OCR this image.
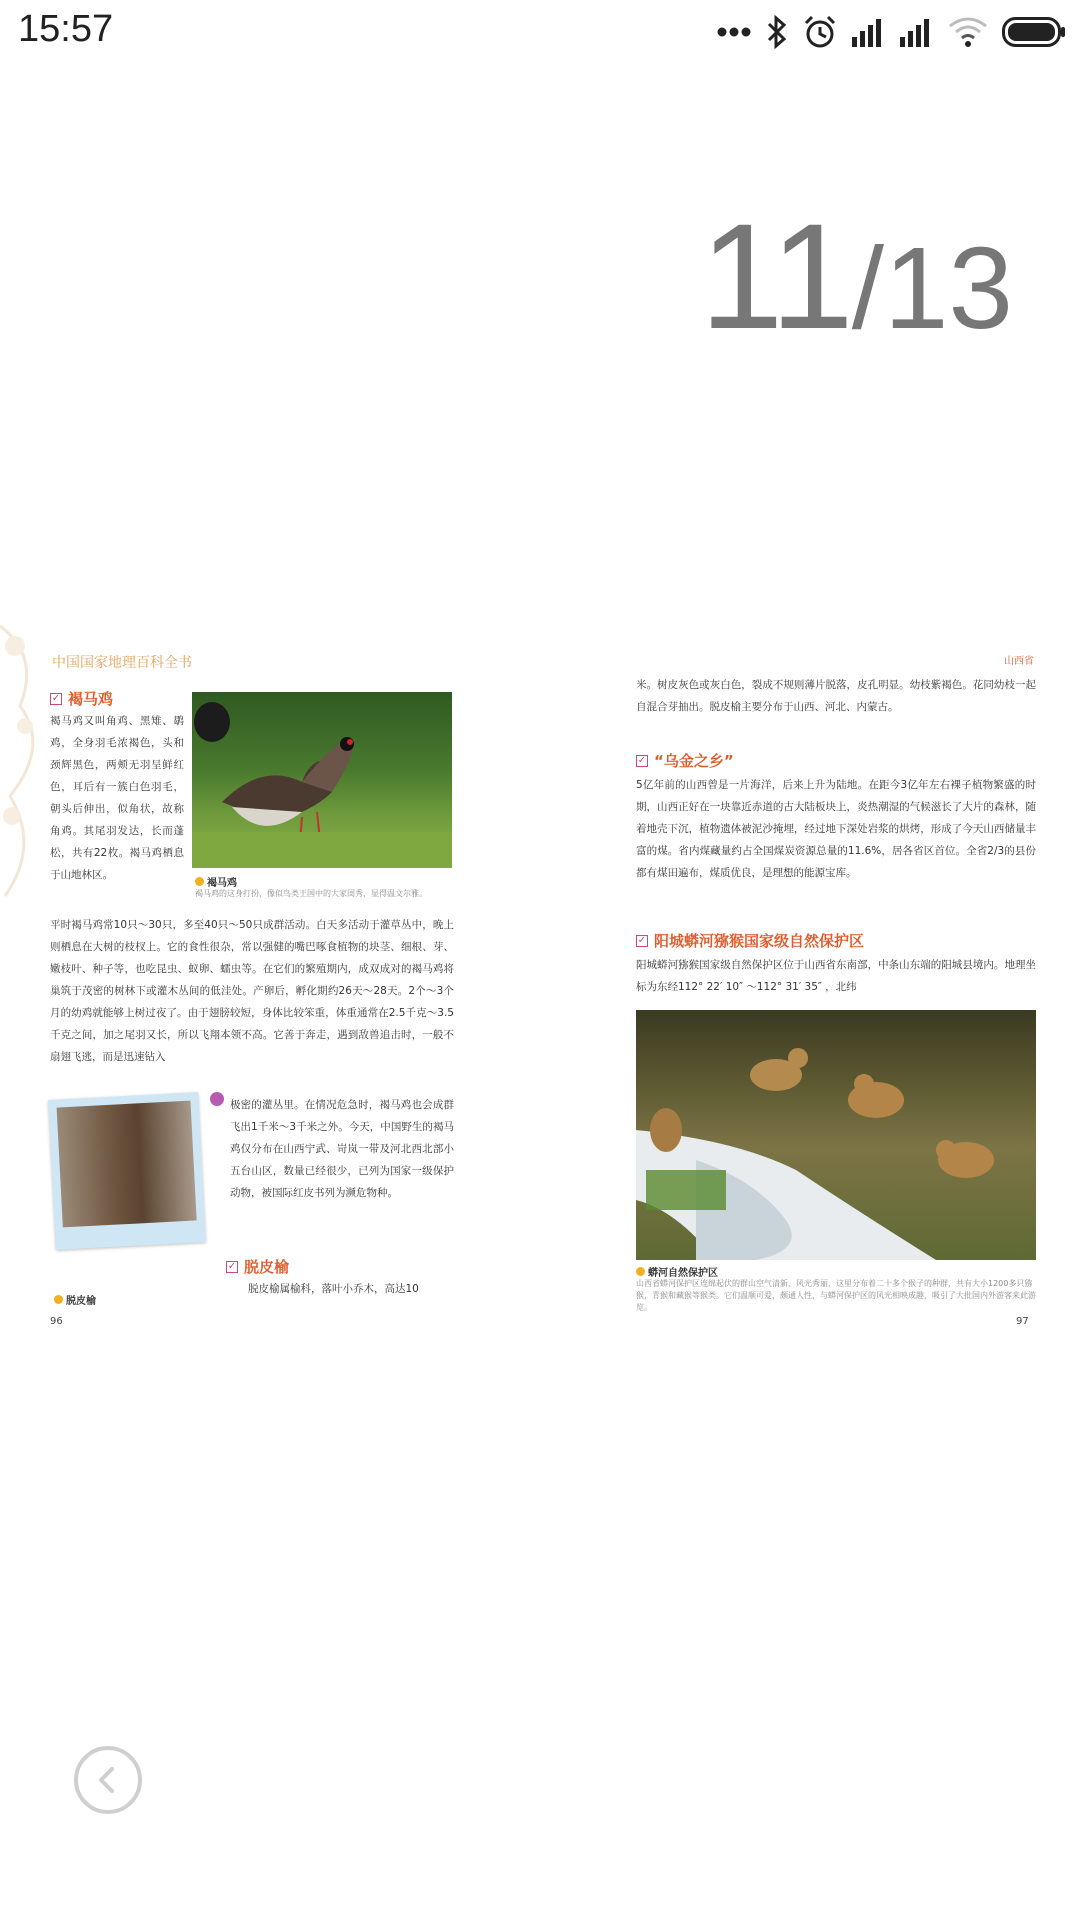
15:57
11/13
中国国家地理百科全书
✓ 褐马鸡
褐马鸡又叫角鸡、黑雉、鹖鸡，全身羽毛浓褐色，头和颈辉黑色，两颊无羽呈鲜红色，耳后有一簇白色羽毛，朝头后伸出，似角状，故称角鸡。其尾羽发达，长而蓬松，共有22枚。褐马鸡栖息于山地林区。
褐马鸡
褐马鸡的这身打扮，像似鸟类王国中的大家闺秀，显得温文尔雅。
平时褐马鸡常10只～30只，多至40只～50只成群活动。白天多活动于灌草丛中，晚上则栖息在大树的枝杈上。它的食性很杂，常以强健的嘴巴啄食植物的块茎、细根、芽、嫩枝叶、种子等，也吃昆虫、蚁卵、蠕虫等。在它们的繁殖期内，成双成对的褐马鸡将巢筑于茂密的树林下或灌木丛间的低洼处。产卵后，孵化期约26天～28天。2个～3个月的幼鸡就能够上树过夜了。由于翅膀较短，身体比较笨重，体重通常在2.5千克～3.5千克之间，加之尾羽又长，所以飞翔本领不高。它善于奔走，遇到敌兽追击时，一般不扇翅飞逃，而是迅速钻入
极密的灌丛里。在情况危急时，褐马鸡也会成群飞出1千米～3千米之外。今天，中国野生的褐马鸡仅分布在山西宁武、岢岚一带及河北西北部小五台山区，数量已经很少，已列为国家一级保护动物，被国际红皮书列为濒危物种。
✓ 脱皮榆
脱皮榆属榆科，落叶小乔木，高达10
脱皮榆
96
山西省
米。树皮灰色或灰白色，裂成不规则薄片脱落，皮孔明显。幼枝紫褐色。花同幼枝一起自混合芽抽出。脱皮榆主要分布于山西、河北、内蒙古。
✓ “乌金之乡”
5亿年前的山西曾是一片海洋，后来上升为陆地。在距今3亿年左右裸子植物繁盛的时期，山西正好在一块靠近赤道的古大陆板块上，炎热潮湿的气候滋长了大片的森林，随着地壳下沉，植物遗体被泥沙掩埋，经过地下深处岩浆的烘烤，形成了今天山西储量丰富的煤。省内煤藏量约占全国煤炭资源总量的11.6%，居各省区首位。全省2/3的县份都有煤田遍布，煤质优良，是理想的能源宝库。
✓ 阳城蟒河猕猴国家级自然保护区
阳城蟒河猕猴国家级自然保护区位于山西省东南部，中条山东端的阳城县境内。地理坐标为东经112° 22′ 10″ ～112° 31′ 35″ ，北纬
蟒河自然保护区
山西省蟒河保护区连绵起伏的群山空气清新、风光秀丽，这里分布着二十多个猴子的种群，共有大小1200多只猕猴，青猴和藏猴等猴类。它们温顺可爱，颇通人性，与蟒河保护区的风光相映成趣，吸引了大批国内外游客来此游览。
97
